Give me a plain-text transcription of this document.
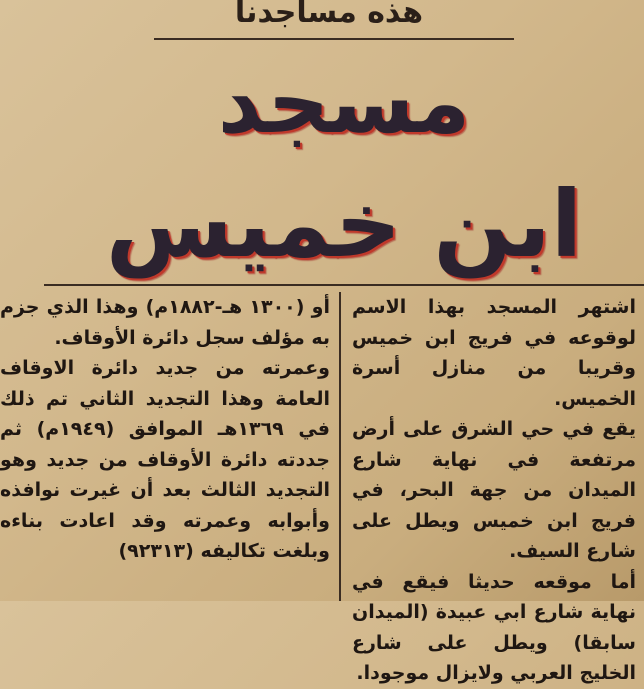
هذه مساجدنا
مسجد
ابن خميس

اشتهر المسجد بهذا الاسم لوقوعه في فريج ابن خميس وقريبا من منازل أسرة الخميس.

يقع في حي الشرق على أرض مرتفعة في نهاية شارع الميدان من جهة البحر، في فريج ابن خميس ويطل على شارع السيف.

أما موقعه حديثا فيقع في نهاية شارع ابي عبيدة (الميدان سابقا) ويطل على شارع الخليج العربي ولايزال موجودا.

أو (١٣٠٠ هـ-١٨٨٢م) وهذا الذي جزم به مؤلف سجل دائرة الأوقاف.

وعمرته من جديد دائرة الاوقاف العامة وهذا التجديد الثاني تم ذلك في ١٣٦٩هـ الموافق (١٩٤٩م) ثم جددته دائرة الأوقاف من جديد وهو التجديد الثالث بعد أن غيرت نوافذه وأبوابه وعمرته وقد اعادت بناءه وبلغت تكاليفه (٩٢٣١٣)
